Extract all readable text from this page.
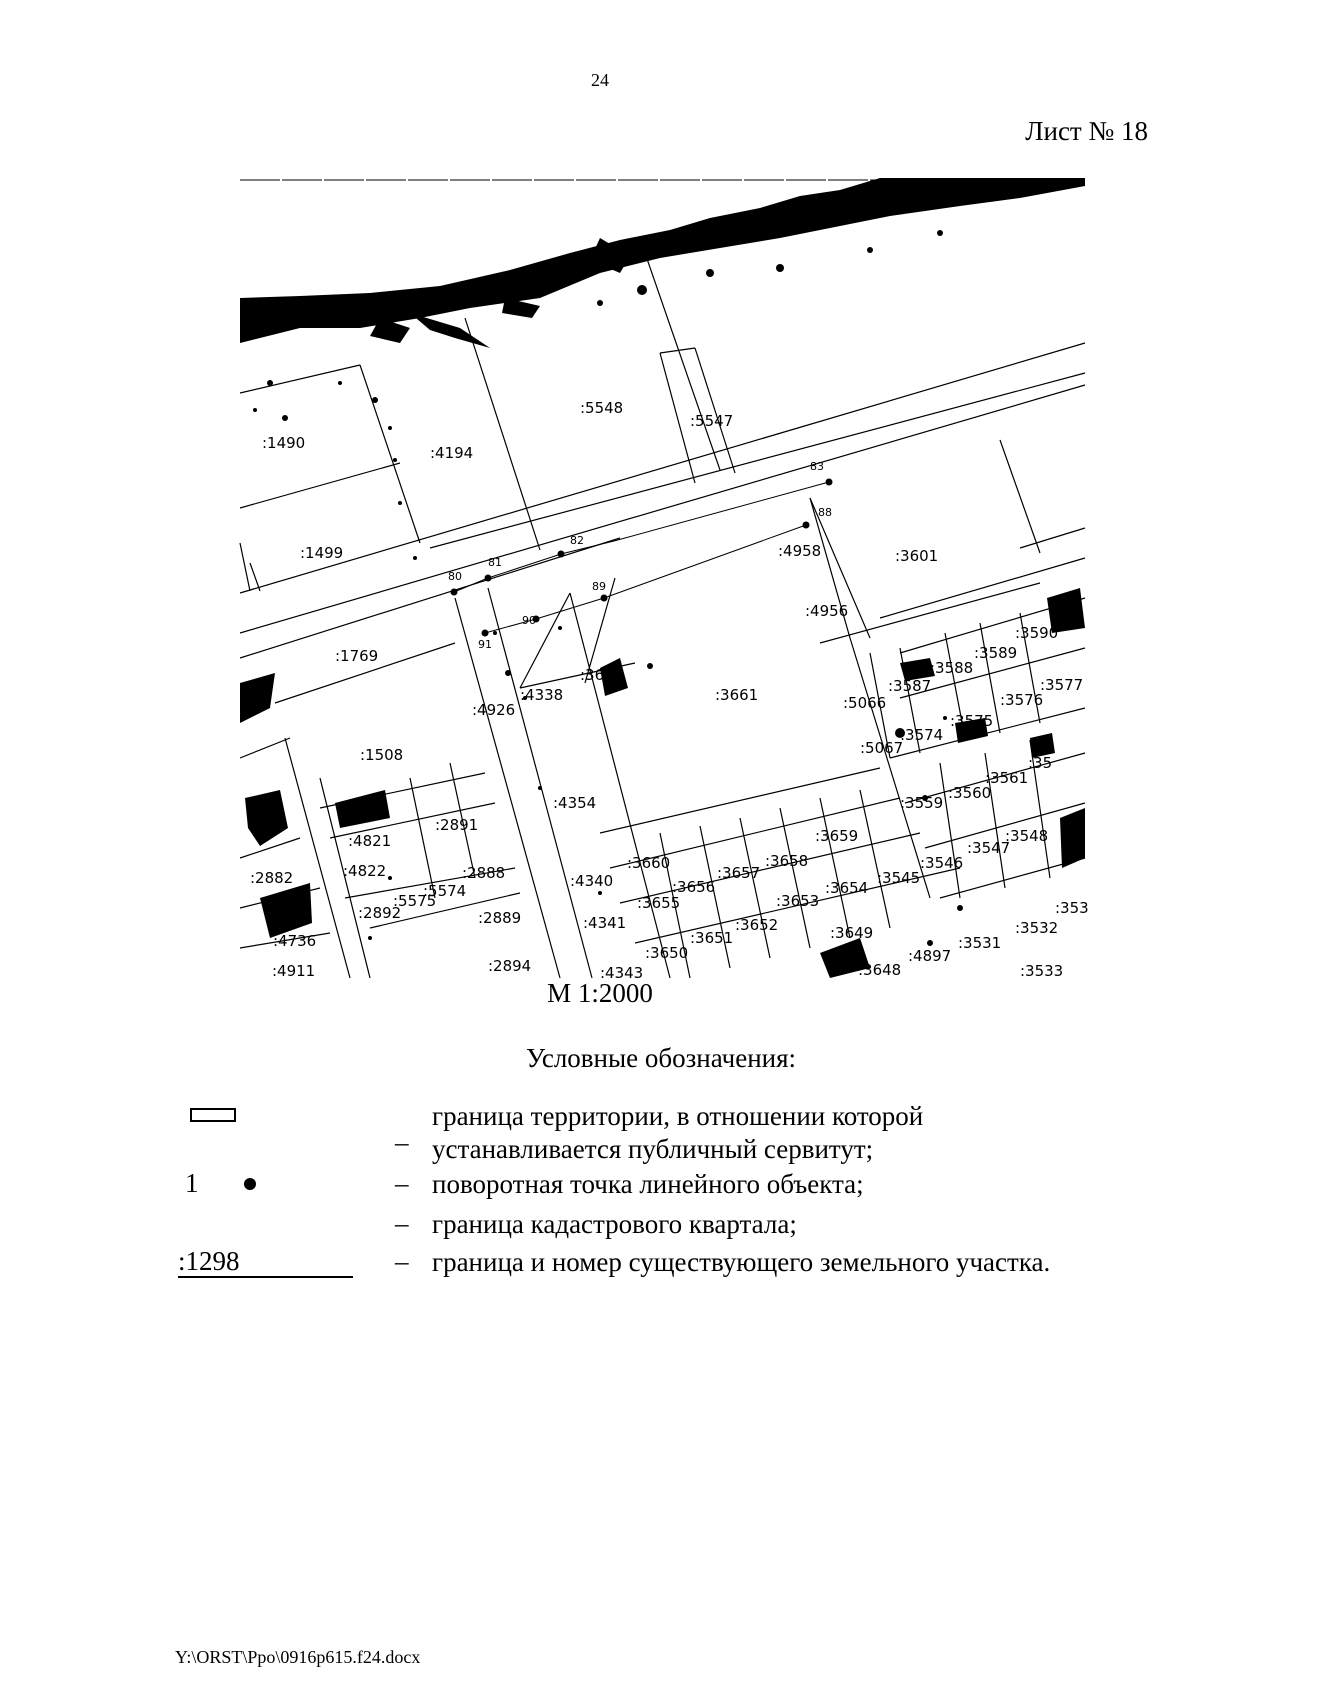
24
Лист № 18
80
81
82
83
88
89
90
91
:5548
:5547
:1490
:4194
:1499
:1769
:4958	:3601
:4956
:3590
:3
:3589
:3588
:3587
:3576
:3577
:5066
:3575
:3574
:5067
:4338
:3611
:3661
:4926
:1508
:4354
:2891
:4821
:4822	:2888
:2882
:5574
:5575
:2892
:4735
:4736
:2889
:4911	:2894
:4340
:3660
:3656
:3657
:3658
:3659
:3655	:3653
:3654
:3545
:3546
:3547
:3548
:3559
:3560
:3561
:35
:4341	:3652
:3651
:3650
:3649
:3648
:4897
:3531
:3532
:353
:3533
:4343
М 1:2000
Условные обозначения:
_
граница территории, в отношении которой
устанавливается публичный сервитут;
1	– поворотная точка линейного объекта;
– граница кадастрового квартала;
:1298	– граница и номер существующего земельного участка.
Y:\ORST\Ppo\0916p615.f24.docx
